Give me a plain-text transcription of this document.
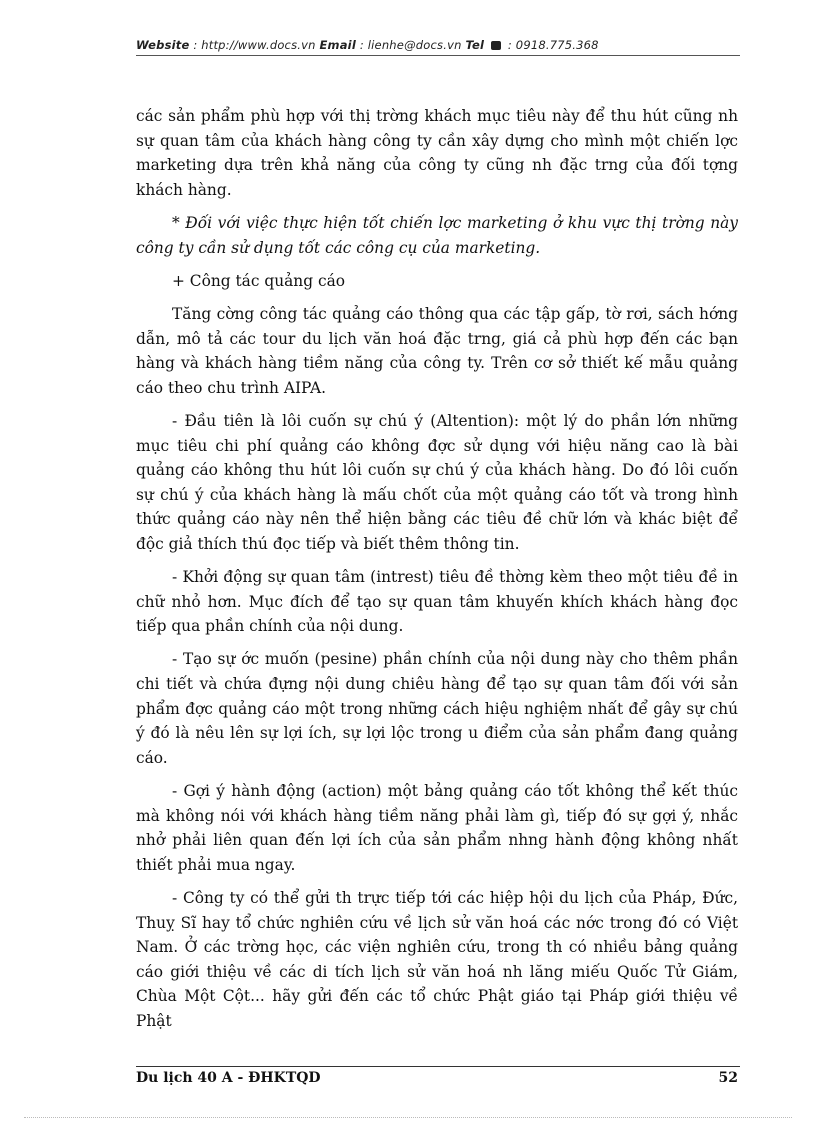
Website : http://www.docs.vn Email : lienhe@docs.vn Tel : 0918.775.368

các sản phẩm phù hợp với thị trờng khách mục tiêu này để thu hút cũng nh sự quan tâm của khách hàng công ty cần xây dựng cho mình một chiến lợc marketing dựa trên khả năng của công ty cũng nh đặc trng của đối tợng khách hàng.

* Đối với việc thực hiện tốt chiến lợc marketing ở khu vực thị trờng này công ty cần sử dụng tốt các công cụ của marketing.

+ Công tác quảng cáo

Tăng cờng công tác quảng cáo thông qua các tập gấp, tờ rơi, sách hớng dẫn, mô tả các tour du lịch văn hoá đặc trng, giá cả phù hợp đến các bạn hàng và khách hàng tiềm năng của công ty. Trên cơ sở thiết kế mẫu quảng cáo theo chu trình AIPA.

- Đầu tiên là lôi cuốn sự chú ý (Altention): một lý do phần lớn những mục tiêu chi phí quảng cáo không đợc sử dụng với hiệu năng cao là bài quảng cáo không thu hút lôi cuốn sự chú ý của khách hàng. Do đó lôi cuốn sự chú ý của khách hàng là mấu chốt của một quảng cáo tốt và trong hình thức quảng cáo này nên thể hiện bằng các tiêu đề chữ lớn và khác biệt để độc giả thích thú đọc tiếp và biết thêm thông tin.

- Khởi động sự quan tâm (intrest) tiêu đề thờng kèm theo một tiêu đề in chữ nhỏ hơn. Mục đích để tạo sự quan tâm khuyến khích khách hàng đọc tiếp qua phần chính của nội dung.

- Tạo sự ớc muốn (pesine) phần chính của nội dung này cho thêm phần chi tiết và chứa đựng nội dung chiêu hàng để tạo sự quan tâm đối với sản phẩm đợc quảng cáo một trong những cách hiệu nghiệm nhất để gây sự chú ý đó là nêu lên sự lợi ích, sự lợi lộc trong u điểm của sản phẩm đang quảng cáo.

- Gợi ý hành động (action) một bảng quảng cáo tốt không thể kết thúc mà không nói với khách hàng tiềm năng phải làm gì, tiếp đó sự gợi ý, nhắc nhở phải liên quan đến lợi ích của sản phẩm nhng hành động không nhất thiết phải mua ngay.

- Công ty có thể gửi th trực tiếp tới các hiệp hội du lịch của Pháp, Đức, Thuỵ Sĩ hay tổ chức nghiên cứu về lịch sử văn hoá các nớc trong đó có Việt Nam. Ở các trờng học, các viện nghiên cứu, trong th có nhiều bảng quảng cáo giới thiệu về các di tích lịch sử văn hoá nh lăng miếu Quốc Tử Giám, Chùa Một Cột... hãy gửi đến các tổ chức Phật giáo tại Pháp giới thiệu về Phật

Du lịch 40 A - ĐHKTQD	52
